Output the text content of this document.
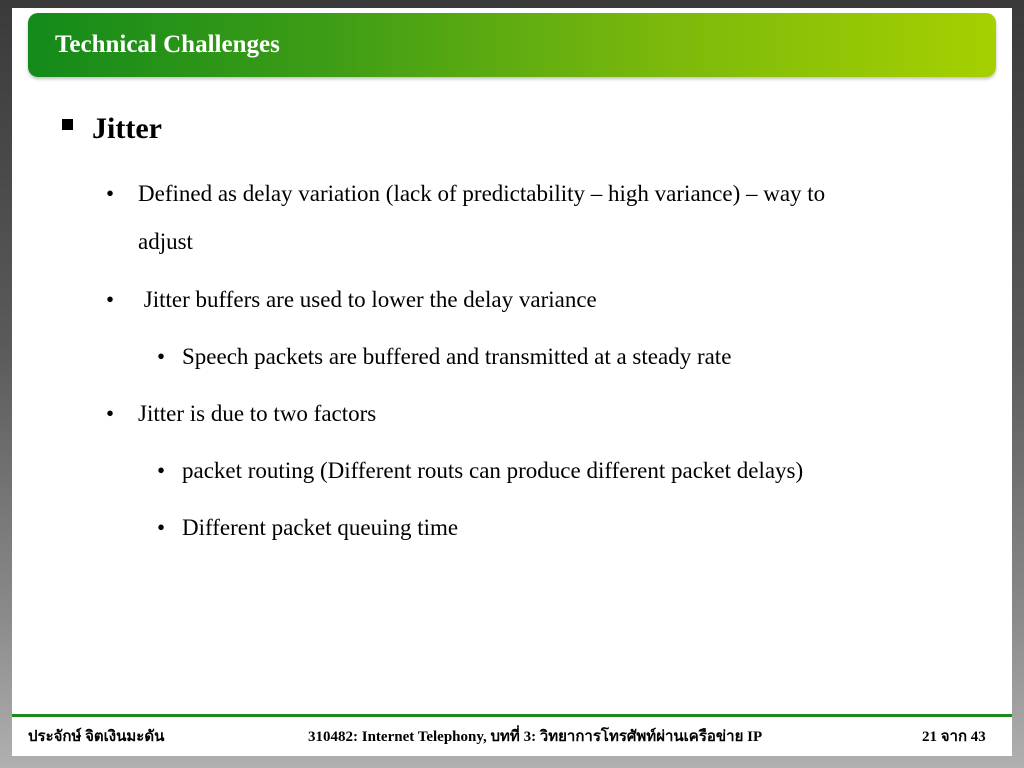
Technical Challenges
Jitter
• Defined as delay variation (lack of predictability – high variance) – way to
adjust
• Jitter buffers are used to lower the delay variance
• Speech packets are buffered and transmitted at a steady rate
• Jitter is due to two factors
• packet routing (Different routs can produce different packet delays)
• Different packet queuing time
ประจักษ์ จิตเงินมะดัน	310482: Internet Telephony, บทที่ 3: วิทยาการโทรศัพท์ผ่านเครือข่าย IP	21 จาก 43
